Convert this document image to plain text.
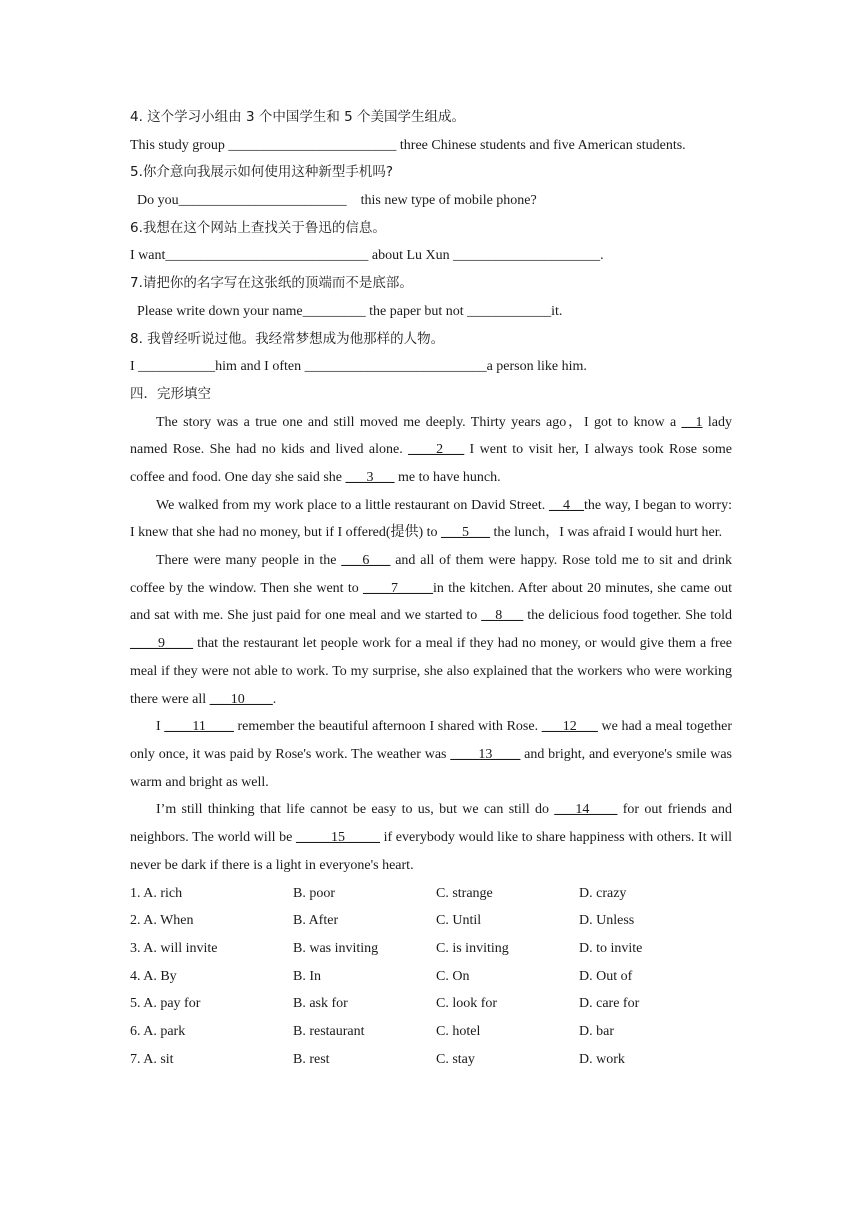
4. 这个学习小组由 3 个中国学生和 5 个美国学生组成。
This study group ________________________ three Chinese students and five American students.
5.你介意向我展示如何使用这种新型手机吗?
Do you________________________    this new type of mobile phone?
6.我想在这个网站上查找关于鲁迅的信息。
I want_____________________________ about Lu Xun _____________________.
7.请把你的名字写在这张纸的顶端而不是底部。
Please write down your name_________ the paper but not ____________it.
8. 我曾经听说过他。我经常梦想成为他那样的人物。
I ___________him and I often __________________________a person like him.
四．完形填空
The story was a true one and still moved me deeply. Thirty years ago，I got to know a __1 lady named Rose. She had no kids and lived alone. ____2___ I went to visit her, I always took Rose some coffee and food. One day she said she ___3___ me to have hunch.
We walked from my work place to a little restaurant on David Street. __4__the way, I began to worry: I knew that she had no money, but if I offered(提供) to ___5___ the lunch，I was afraid I would hurt her.
There were many people in the ___6___ and all of them were happy. Rose told me to sit and drink coffee by the window. Then she went to ____7_____in the kitchen. After about 20 minutes, she came out and sat with me. She just paid for one meal and we started to __8___ the delicious food together. She told ____9____ that the restaurant let people work for a meal if they had no money, or would give them a free meal if they were not able to work. To my surprise, she also explained that the workers who were working there were all ___10____.
I ____11____ remember the beautiful afternoon I shared with Rose. ___12___ we had a meal together only once, it was paid by Rose's work. The weather was ____13____ and bright, and everyone's smile was warm and bright as well.
I’m still thinking that life cannot be easy to us, but we can still do ___14____ for out friends and neighbors. The world will be _____15_____ if everybody would like to share happiness with others. It will never be dark if there is a light in everyone's heart.
1. A. rich	B. poor	C. strange	D. crazy
2. A. When	B. After	C. Until	D. Unless
3. A. will invite	B. was inviting	C. is inviting	D. to invite
4. A. By	B. In	C. On	D. Out of
5. A. pay for	B. ask for	C. look for	D. care for
6. A. park	B. restaurant	C. hotel	D. bar
7. A. sit	B. rest	C. stay	D. work
